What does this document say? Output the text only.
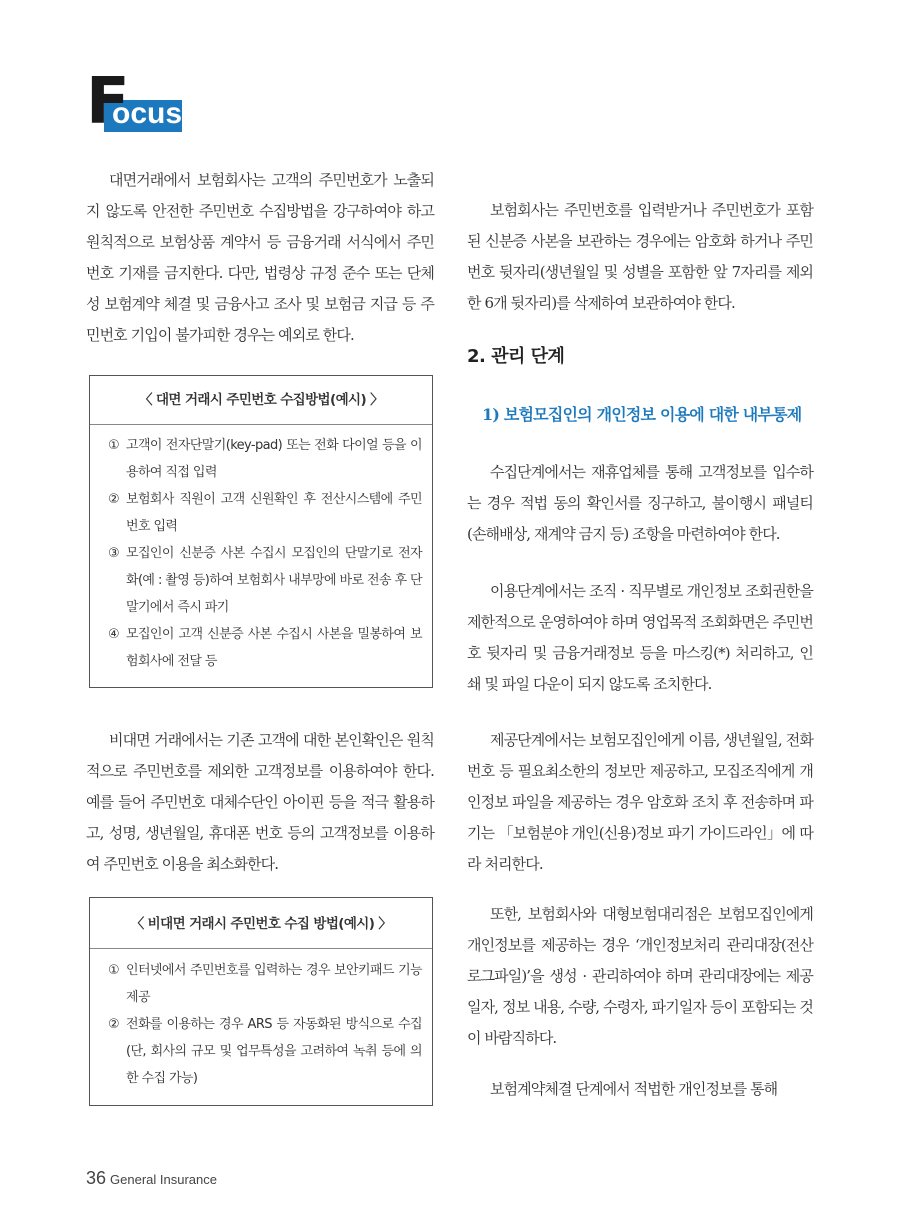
F
ocus

대면거래에서 보험회사는 고객의 주민번호가 노출되지 않도록 안전한 주민번호 수집방법을 강구하여야 하고 원칙적으로 보험상품 계약서 등 금융거래 서식에서 주민번호 기재를 금지한다. 다만, 법령상 규정 준수 또는 단체성 보험계약 체결 및 금융사고 조사 및 보험금 지급 등 주민번호 기입이 불가피한 경우는 예외로 한다.

〈 대면 거래시 주민번호 수집방법(예시) 〉
① 고객이 전자단말기(key-pad) 또는 전화 다이얼 등을 이용하여 직접 입력
② 보험회사 직원이 고객 신원확인 후 전산시스템에 주민번호 입력
③ 모집인이 신분증 사본 수집시 모집인의 단말기로 전자화(예 : 촬영 등)하여 보험회사 내부망에 바로 전송 후 단말기에서 즉시 파기
④ 모집인이 고객 신분증 사본 수집시 사본을 밀봉하여 보험회사에 전달 등

비대면 거래에서는 기존 고객에 대한 본인확인은 원칙적으로 주민번호를 제외한 고객정보를 이용하여야 한다. 예를 들어 주민번호 대체수단인 아이핀 등을 적극 활용하고, 성명, 생년월일, 휴대폰 번호 등의 고객정보를 이용하여 주민번호 이용을 최소화한다.

〈 비대면 거래시 주민번호 수집 방법(예시) 〉
① 인터넷에서 주민번호를 입력하는 경우 보안키패드 기능 제공
② 전화를 이용하는 경우 ARS 등 자동화된 방식으로 수집(단, 회사의 규모 및 업무특성을 고려하여 녹취 등에 의한 수집 가능)

보험회사는 주민번호를 입력받거나 주민번호가 포함된 신분증 사본을 보관하는 경우에는 암호화 하거나 주민번호 뒷자리(생년월일 및 성별을 포함한 앞 7자리를 제외한 6개 뒷자리)를 삭제하여 보관하여야 한다.

2. 관리 단계
1) 보험모집인의 개인정보 이용에 대한 내부통제

수집단계에서는 재휴업체를 통해 고객정보를 입수하는 경우 적법 동의 확인서를 징구하고, 불이행시 패널티(손해배상, 재계약 금지 등) 조항을 마련하여야 한다.

이용단계에서는 조직 · 직무별로 개인정보 조회권한을 제한적으로 운영하여야 하며 영업목적 조회화면은 주민번호 뒷자리 및 금융거래정보 등을 마스킹(*) 처리하고, 인쇄 및 파일 다운이 되지 않도록 조치한다.

제공단계에서는 보험모집인에게 이름, 생년월일, 전화번호 등 필요최소한의 정보만 제공하고, 모집조직에게 개인정보 파일을 제공하는 경우 암호화 조치 후 전송하며 파기는 「보험분야 개인(신용)정보 파기 가이드라인」에 따라 처리한다.

또한, 보험회사와 대형보험대리점은 보험모집인에게 개인정보를 제공하는 경우 ‘개인정보처리 관리대장(전산로그파일)’을 생성 · 관리하여야 하며 관리대장에는 제공일자, 정보 내용, 수량, 수령자, 파기일자 등이 포함되는 것이 바람직하다.

보험계약체결 단계에서 적법한 개인정보를 통해

36 General Insurance
